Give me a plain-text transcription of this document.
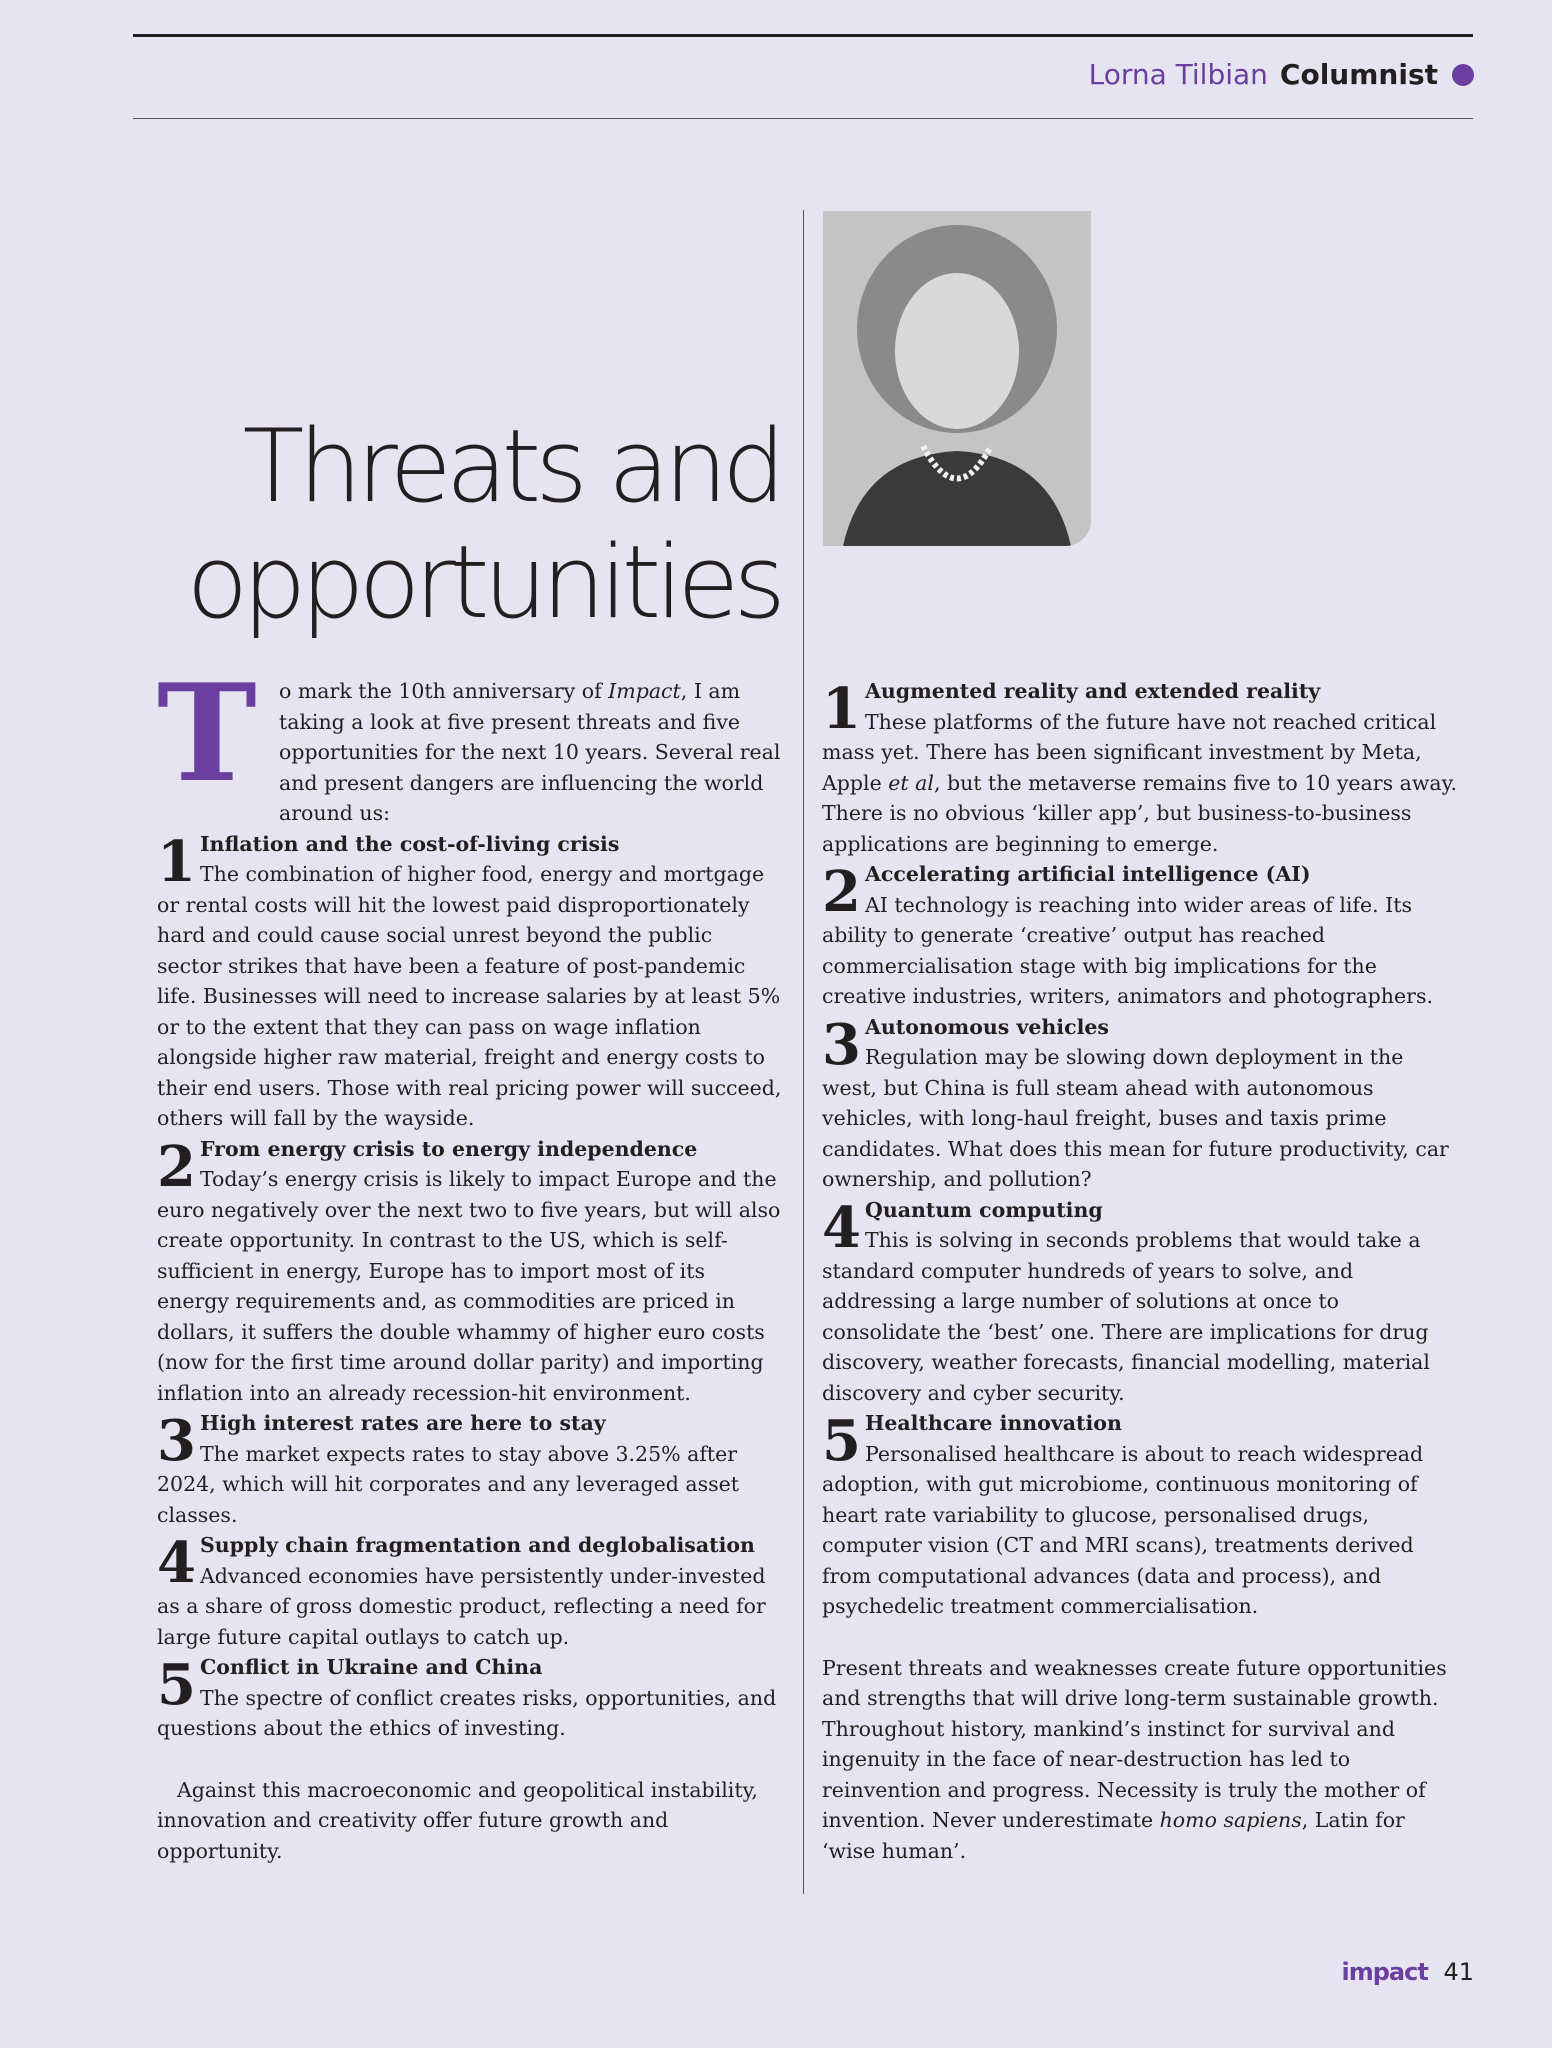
Lorna Tilbian Columnist
Threats and
opportunities

T o mark the 10th anniversary of Impact, I am taking a look at five present threats and five opportunities for the next 10 years. Several real and present dangers are influencing the world around us:

1 Inflation and the cost-of-living crisis
The combination of higher food, energy and mortgage or rental costs will hit the lowest paid disproportionately hard and could cause social unrest beyond the public sector strikes that have been a feature of post-pandemic life. Businesses will need to increase salaries by at least 5% or to the extent that they can pass on wage inflation alongside higher raw material, freight and energy costs to their end users. Those with real pricing power will succeed, others will fall by the wayside.

2 From energy crisis to energy independence
Today’s energy crisis is likely to impact Europe and the euro negatively over the next two to five years, but will also create opportunity. In contrast to the US, which is self-sufficient in energy, Europe has to import most of its energy requirements and, as commodities are priced in dollars, it suffers the double whammy of higher euro costs (now for the first time around dollar parity) and importing inflation into an already recession-hit environment.

3 High interest rates are here to stay
The market expects rates to stay above 3.25% after 2024, which will hit corporates and any leveraged asset classes.

4 Supply chain fragmentation and deglobalisation
Advanced economies have persistently under-invested as a share of gross domestic product, reflecting a need for large future capital outlays to catch up.

5 Conflict in Ukraine and China
The spectre of conflict creates risks, opportunities, and questions about the ethics of investing.

Against this macroeconomic and geopolitical instability, innovation and creativity offer future growth and opportunity.

1 Augmented reality and extended reality
These platforms of the future have not reached critical mass yet. There has been significant investment by Meta, Apple et al, but the metaverse remains five to 10 years away. There is no obvious ‘killer app’, but business-to-business applications are beginning to emerge.

2 Accelerating artificial intelligence (AI)
AI technology is reaching into wider areas of life. Its ability to generate ‘creative’ output has reached commercialisation stage with big implications for the creative industries, writers, animators and photographers.

3 Autonomous vehicles
Regulation may be slowing down deployment in the west, but China is full steam ahead with autonomous vehicles, with long-haul freight, buses and taxis prime candidates. What does this mean for future productivity, car ownership, and pollution?

4 Quantum computing
This is solving in seconds problems that would take a standard computer hundreds of years to solve, and addressing a large number of solutions at once to consolidate the ‘best’ one. There are implications for drug discovery, weather forecasts, financial modelling, material discovery and cyber security.

5 Healthcare innovation
Personalised healthcare is about to reach widespread adoption, with gut microbiome, continuous monitoring of heart rate variability to glucose, personalised drugs, computer vision (CT and MRI scans), treatments derived from computational advances (data and process), and psychedelic treatment commercialisation.

Present threats and weaknesses create future opportunities and strengths that will drive long-term sustainable growth. Throughout history, mankind’s instinct for survival and ingenuity in the face of near-destruction has led to reinvention and progress. Necessity is truly the mother of invention. Never underestimate homo sapiens, Latin for ‘wise human’.

impact 41
